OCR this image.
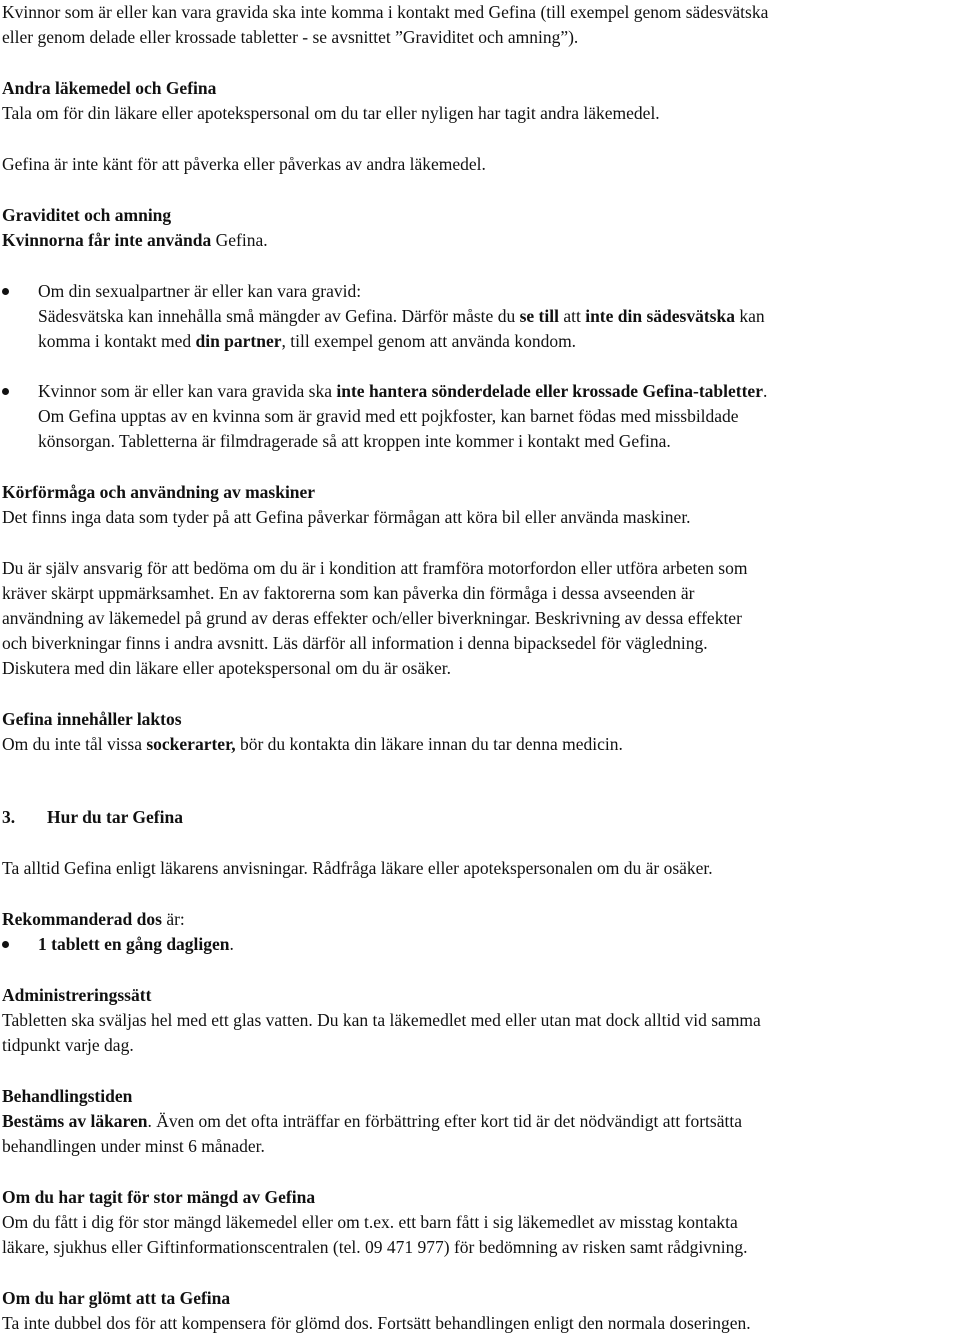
Kvinnor som är eller kan vara gravida ska inte komma i kontakt med Gefina (till exempel genom sädesvätska

eller genom delade eller krossade tabletter - se avsnittet ”Graviditet och amning”).

Andra läkemedel och Gefina

Tala om för din läkare eller apotekspersonal om du tar eller nyligen har tagit andra läkemedel.

Gefina är inte känt för att påverka eller påverkas av andra läkemedel.

Graviditet och amning

Kvinnorna får inte använda Gefina.

Om din sexualpartner är eller kan vara gravid:

Sädesvätska kan innehålla små mängder av Gefina. Därför måste du se till att inte din sädesvätska kan

komma i kontakt med din partner, till exempel genom att använda kondom.

Kvinnor som är eller kan vara gravida ska inte hantera sönderdelade eller krossade Gefina-tabletter.

Om Gefina upptas av en kvinna som är gravid med ett pojkfoster, kan barnet födas med missbildade

könsorgan. Tabletterna är filmdragerade så att kroppen inte kommer i kontakt med Gefina.

Körförmåga och användning av maskiner

Det finns inga data som tyder på att Gefina påverkar förmågan att köra bil eller använda maskiner.

Du är själv ansvarig för att bedöma om du är i kondition att framföra motorfordon eller utföra arbeten som

kräver skärpt uppmärksamhet. En av faktorerna som kan påverka din förmåga i dessa avseenden är

användning av läkemedel på grund av deras effekter och/eller biverkningar. Beskrivning av dessa effekter

och biverkningar finns i andra avsnitt. Läs därför all information i denna bipacksedel för vägledning.

Diskutera med din läkare eller apotekspersonal om du är osäker.

Gefina innehåller laktos

Om du inte tål vissa sockerarter, bör du kontakta din läkare innan du tar denna medicin.

3. Hur du tar Gefina

Ta alltid Gefina enligt läkarens anvisningar. Rådfråga läkare eller apotekspersonalen om du är osäker.

Rekommanderad dos är:

1 tablett en gång dagligen.

Administreringssätt

Tabletten ska sväljas hel med ett glas vatten. Du kan ta läkemedlet med eller utan mat dock alltid vid samma

tidpunkt varje dag.

Behandlingstiden

Bestäms av läkaren. Även om det ofta inträffar en förbättring efter kort tid är det nödvändigt att fortsätta

behandlingen under minst 6 månader.

Om du har tagit för stor mängd av Gefina

Om du fått i dig för stor mängd läkemedel eller om t.ex. ett barn fått i sig läkemedlet av misstag kontakta

läkare, sjukhus eller Giftinformationscentralen (tel. 09 471 977) för bedömning av risken samt rådgivning.

Om du har glömt att ta Gefina

Ta inte dubbel dos för att kompensera för glömd dos. Fortsätt behandlingen enligt den normala doseringen.
